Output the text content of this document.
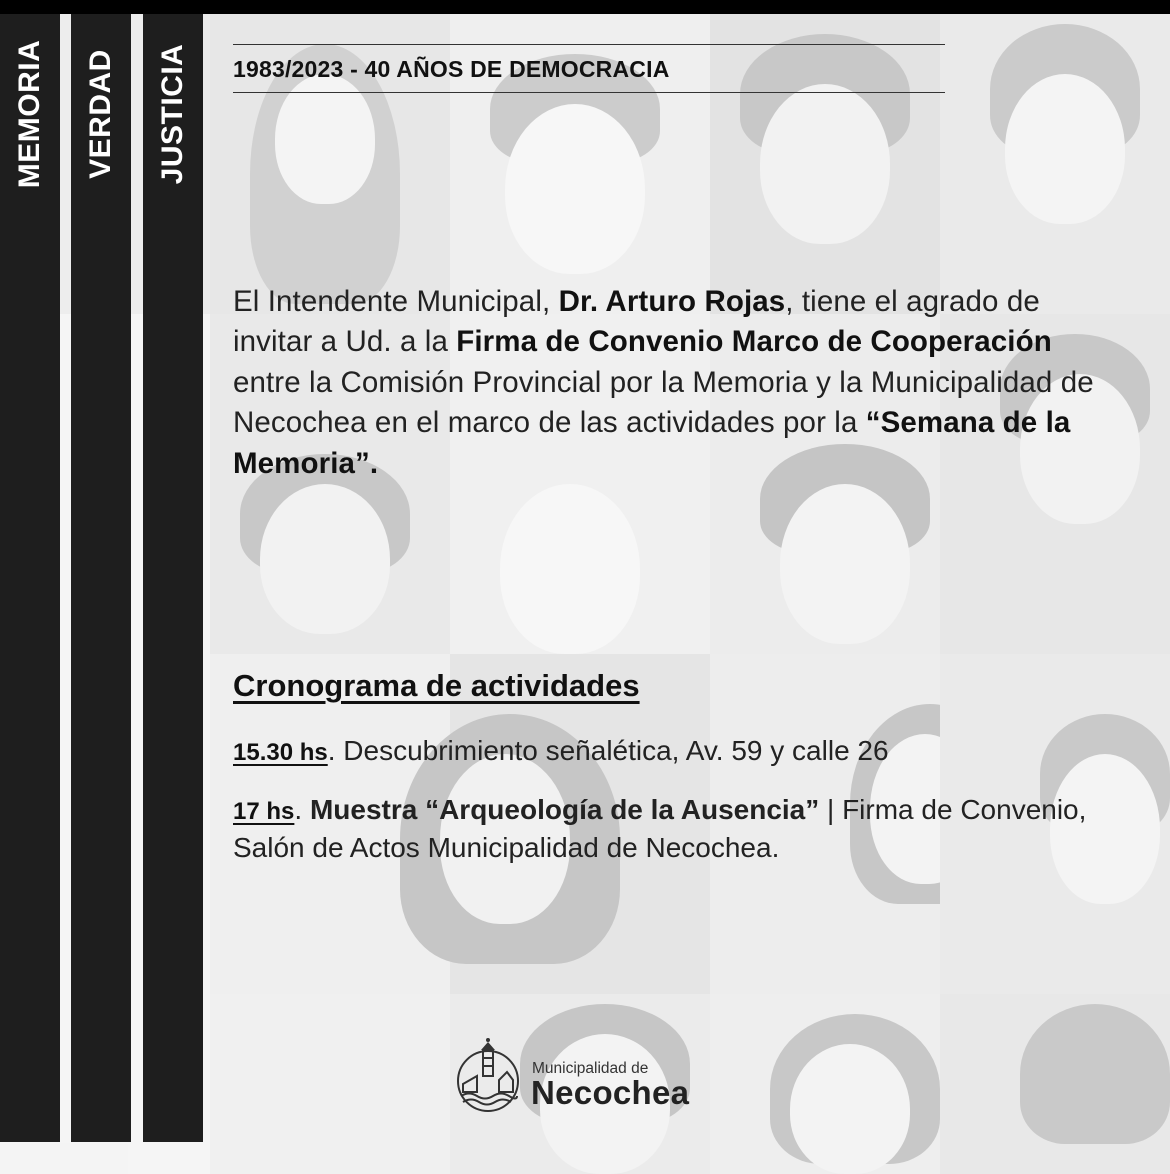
MEMORIA VERDAD JUSTICIA 1983/2023 - 40 AÑOS DE DEMOCRACIA
El Intendente Municipal, Dr. Arturo Rojas, tiene el agrado de invitar a Ud. a la Firma de Convenio Marco de Cooperación entre la Comisión Provincial por la Memoria y la Municipalidad de Necochea en el marco de las actividades por la “Semana de la Memoria”.
Cronograma de actividades
15.30 hs. Descubrimiento señalética, Av. 59 y calle 26
17 hs. Muestra “Arqueología de la Ausencia” | Firma de Convenio, Salón de Actos Municipalidad de Necochea.
Municipalidad de
Necochea
